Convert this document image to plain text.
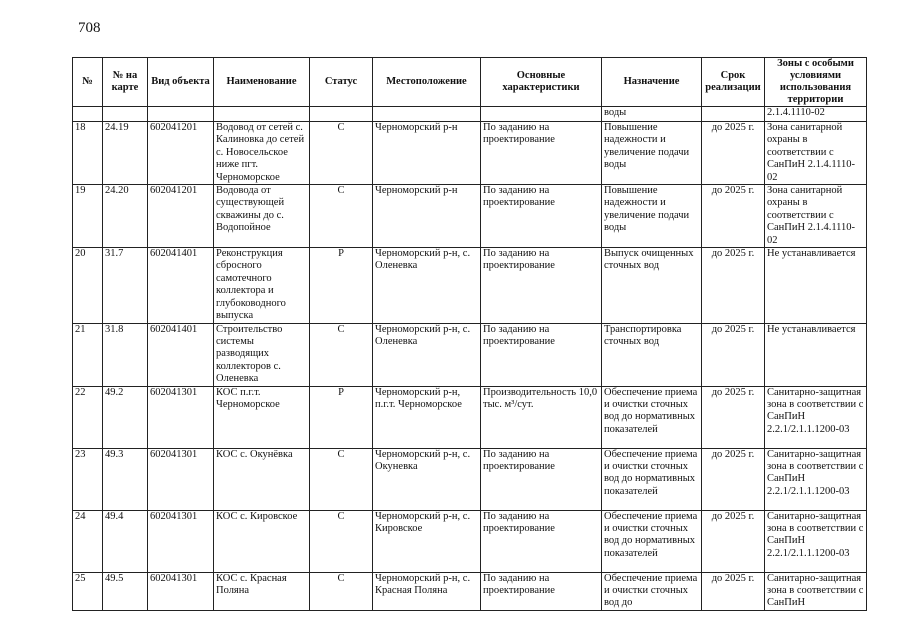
708
№	№ на карте	Вид объекта	Наименование	Статус	Местоположение	Основные характеристики	Назначение	Срок реализации	Зоны с особыми условиями использования территории
							воды		2.1.4.1110-02
18	24.19	602041201	Водовод от сетей с. Калиновка до сетей с. Новосельское ниже пгт. Черноморское	С	Черноморский р-н	По заданию на проектирование	Повышение надежности и увеличение подачи воды	до 2025 г.	Зона санитарной охраны в соответствии с СанПиН 2.1.4.1110-02
19	24.20	602041201	Водовода от существующей скважины до с. Водопойное	С	Черноморский р-н	По заданию на проектирование	Повышение надежности и увеличение подачи воды	до 2025 г.	Зона санитарной охраны в соответствии с СанПиН 2.1.4.1110-02
20	31.7	602041401	Реконструкция сбросного самотечного коллектора и глубоководного выпуска	Р	Черноморский р-н, с. Оленевка	По заданию на проектирование	Выпуск очищенных сточных вод	до 2025 г.	Не устанавливается
21	31.8	602041401	Строительство системы разводящих коллекторов с. Оленевка	С	Черноморский р-н, с. Оленевка	По заданию на проектирование	Транспортировка сточных вод	до 2025 г.	Не устанавливается
22	49.2	602041301	КОС п.г.т. Черноморское	Р	Черноморский р-н, п.г.т. Черноморское	Производительность 10,0 тыс. м³/сут.	Обеспечение приема и очистки сточных вод до нормативных показателей	до 2025 г.	Санитарно-защитная зона в соответствии с СанПиН 2.2.1/2.1.1.1200-03
23	49.3	602041301	КОС с. Окунёвка	С	Черноморский р-н, с. Окуневка	По заданию на проектирование	Обеспечение приема и очистки сточных вод до нормативных показателей	до 2025 г.	Санитарно-защитная зона в соответствии с СанПиН 2.2.1/2.1.1.1200-03
24	49.4	602041301	КОС с. Кировское	С	Черноморский р-н, с. Кировское	По заданию на проектирование	Обеспечение приема и очистки сточных вод до нормативных показателей	до 2025 г.	Санитарно-защитная зона в соответствии с СанПиН 2.2.1/2.1.1.1200-03
25	49.5	602041301	КОС с. Красная Поляна	С	Черноморский р-н, с. Красная Поляна	По заданию на проектирование	Обеспечение приема и очистки сточных вод до	до 2025 г.	Санитарно-защитная зона в соответствии с СанПиН
